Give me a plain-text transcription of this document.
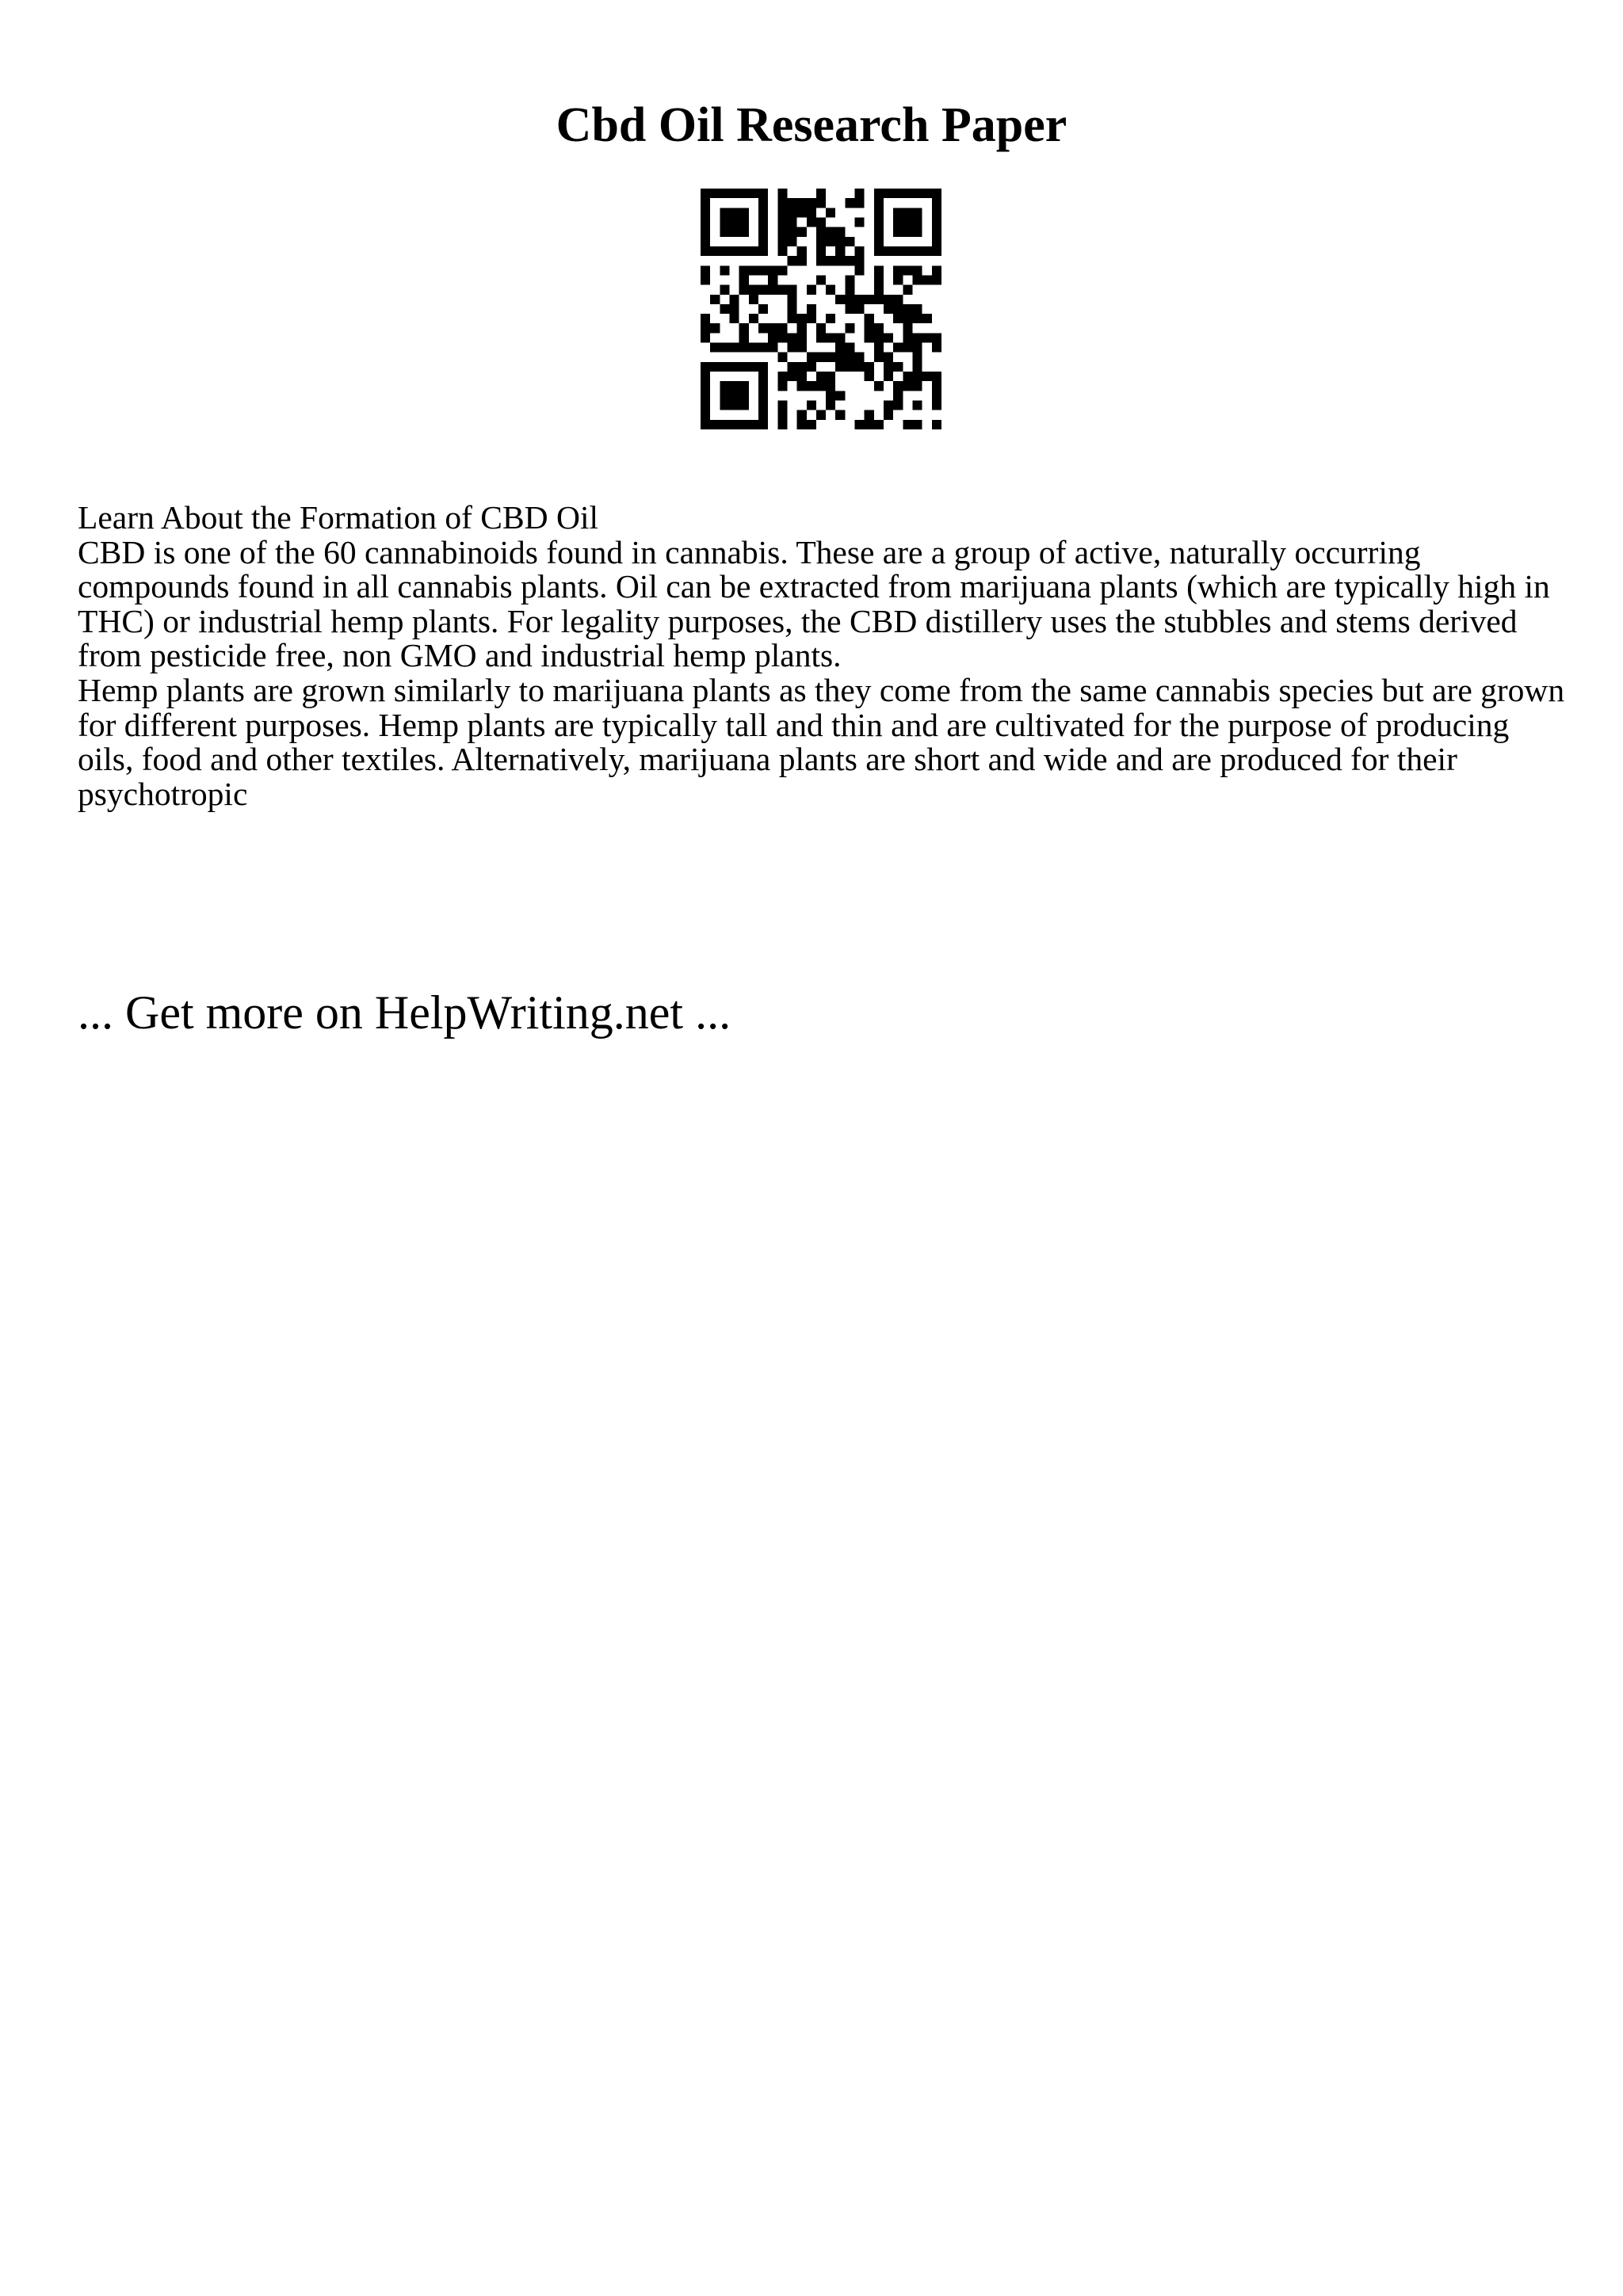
Cbd Oil Research Paper

Learn About the Formation of CBD Oil

CBD is one of the 60 cannabinoids found in cannabis. These are a group of active, naturally occurring compounds found in all cannabis plants. Oil can be extracted from marijuana plants (which are typically high in THC) or industrial hemp plants. For legality purposes, the CBD distillery uses the stubbles and stems derived from pesticide free, non GMO and industrial hemp plants.

Hemp plants are grown similarly to marijuana plants as they come from the same cannabis species but are grown for different purposes. Hemp plants are typically tall and thin and are cultivated for the purpose of producing oils, food and other textiles. Alternatively, marijuana plants are short and wide and are produced for their psychotropic

... Get more on HelpWriting.net ...
